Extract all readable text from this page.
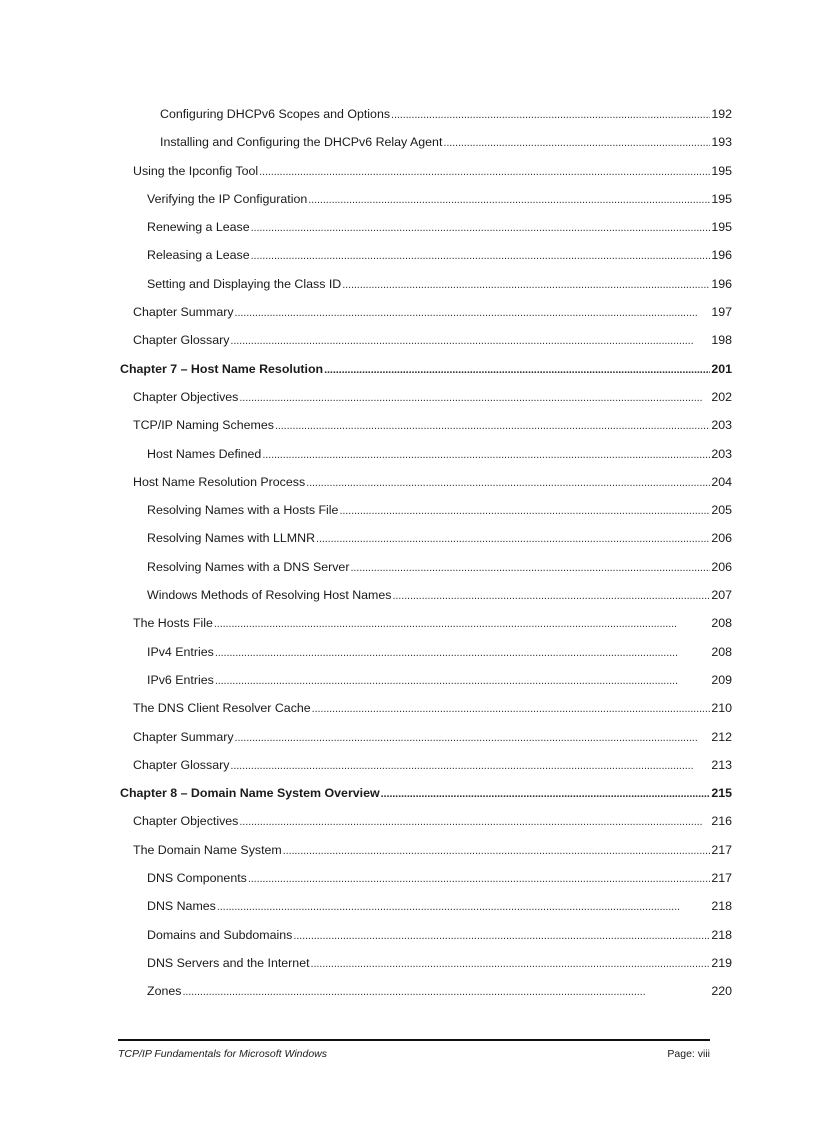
Configuring DHCPv6 Scopes and Options . . .	192
Installing and Configuring the DHCPv6 Relay Agent . . .	193
Using the Ipconfig Tool . . .	195
Verifying the IP Configuration . . .	195
Renewing a Lease . . .	195
Releasing a Lease . . .	196
Setting and Displaying the Class ID . . .	196
Chapter Summary . . .	197
Chapter Glossary . . .	198
Chapter 7 – Host Name Resolution . . .	201
Chapter Objectives . . .	202
TCP/IP Naming Schemes . . .	203
Host Names Defined . . .	203
Host Name Resolution Process . . .	204
Resolving Names with a Hosts File . . .	205
Resolving Names with LLMNR . . .	206
Resolving Names with a DNS Server . . .	206
Windows Methods of Resolving Host Names . . .	207
The Hosts File . . .	208
IPv4 Entries . . .	208
IPv6 Entries . . .	209
The DNS Client Resolver Cache . . .	210
Chapter Summary . . .	212
Chapter Glossary . . .	213
Chapter 8 – Domain Name System Overview . . .	215
Chapter Objectives . . .	216
The Domain Name System . . .	217
DNS Components . . .	217
DNS Names . . .	218
Domains and Subdomains . . .	218
DNS Servers and the Internet . . .	219
Zones . . .	220
TCP/IP Fundamentals for Microsoft Windows	Page: viii
